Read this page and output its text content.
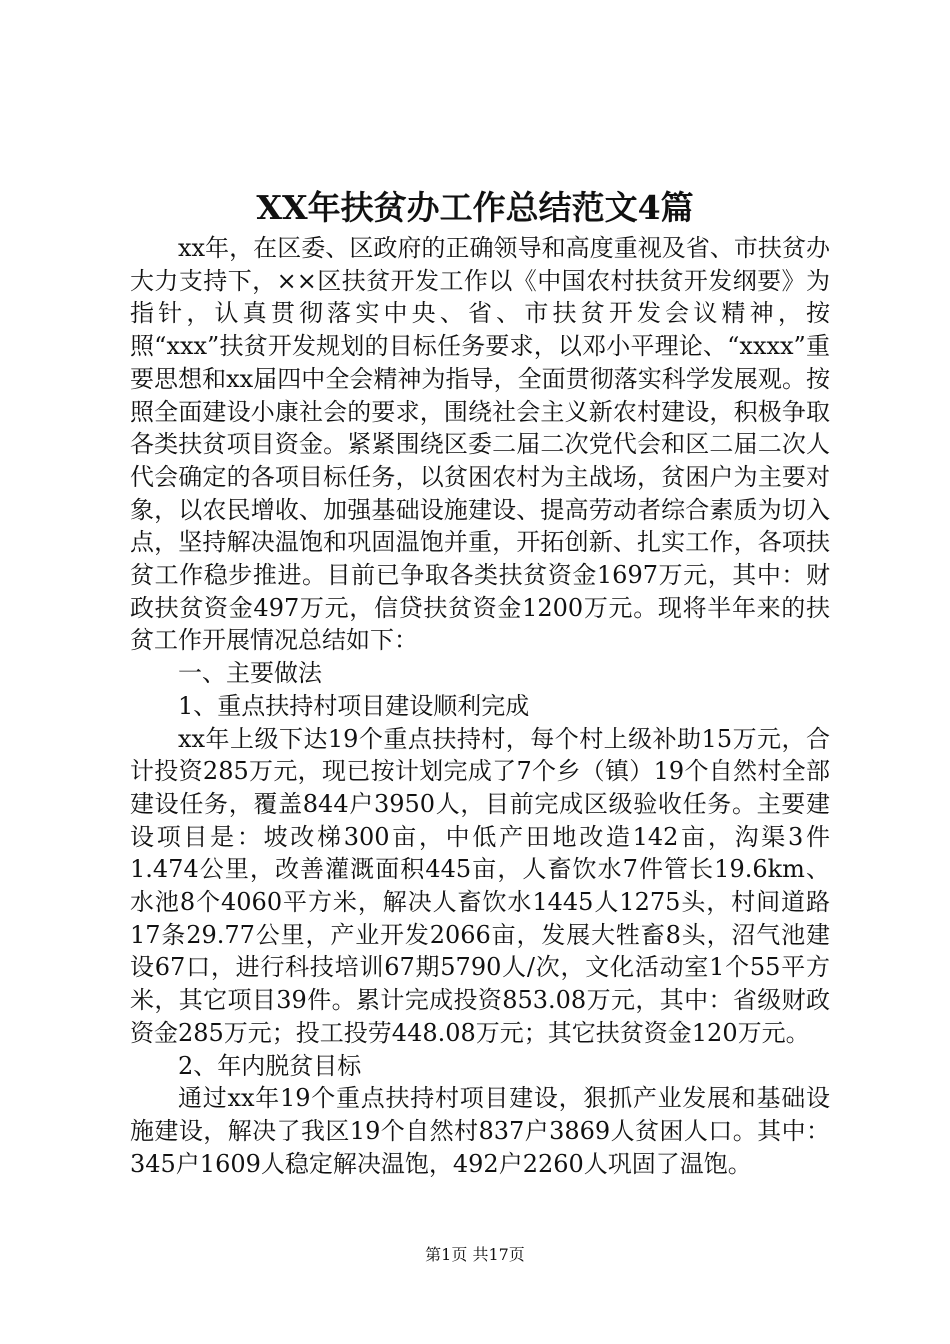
XX年扶贫办工作总结范文4篇

xx年，在区委、区政府的正确领导和高度重视及省、市扶贫办大力支持下，××区扶贫开发工作以《中国农村扶贫开发纲要》为指针，认真贯彻落实中央、省、市扶贫开发会议精神，按照“xxx”扶贫开发规划的目标任务要求，以邓小平理论、“xxxx”重要思想和xx届四中全会精神为指导，全面贯彻落实科学发展观。按照全面建设小康社会的要求，围绕社会主义新农村建设，积极争取各类扶贫项目资金。紧紧围绕区委二届二次党代会和区二届二次人代会确定的各项目标任务，以贫困农村为主战场，贫困户为主要对象，以农民增收、加强基础设施建设、提高劳动者综合素质为切入点，坚持解决温饱和巩固温饱并重，开拓创新、扎实工作，各项扶贫工作稳步推进。目前已争取各类扶贫资金1697万元，其中：财政扶贫资金497万元，信贷扶贫资金1200万元。现将半年来的扶贫工作开展情况总结如下：

一、主要做法

1、重点扶持村项目建设顺利完成

xx年上级下达19个重点扶持村，每个村上级补助15万元，合计投资285万元，现已按计划完成了7个乡（镇）19个自然村全部建设任务，覆盖844户3950人，目前完成区级验收任务。主要建设项目是：坡改梯300亩，中低产田地改造142亩，沟渠3件1.474公里，改善灌溉面积445亩，人畜饮水7件管长19.6km、水池8个4060平方米，解决人畜饮水1445人1275头，村间道路17条29.77公里，产业开发2066亩，发展大牲畜8头，沼气池建设67口，进行科技培训67期5790人/次，文化活动室1个55平方米，其它项目39件。累计完成投资853.08万元，其中：省级财政资金285万元；投工投劳448.08万元；其它扶贫资金120万元。

2、年内脱贫目标

通过xx年19个重点扶持村项目建设，狠抓产业发展和基础设施建设，解决了我区19个自然村837户3869人贫困人口。其中：345户1609人稳定解决温饱，492户2260人巩固了温饱。

第1页 共17页
